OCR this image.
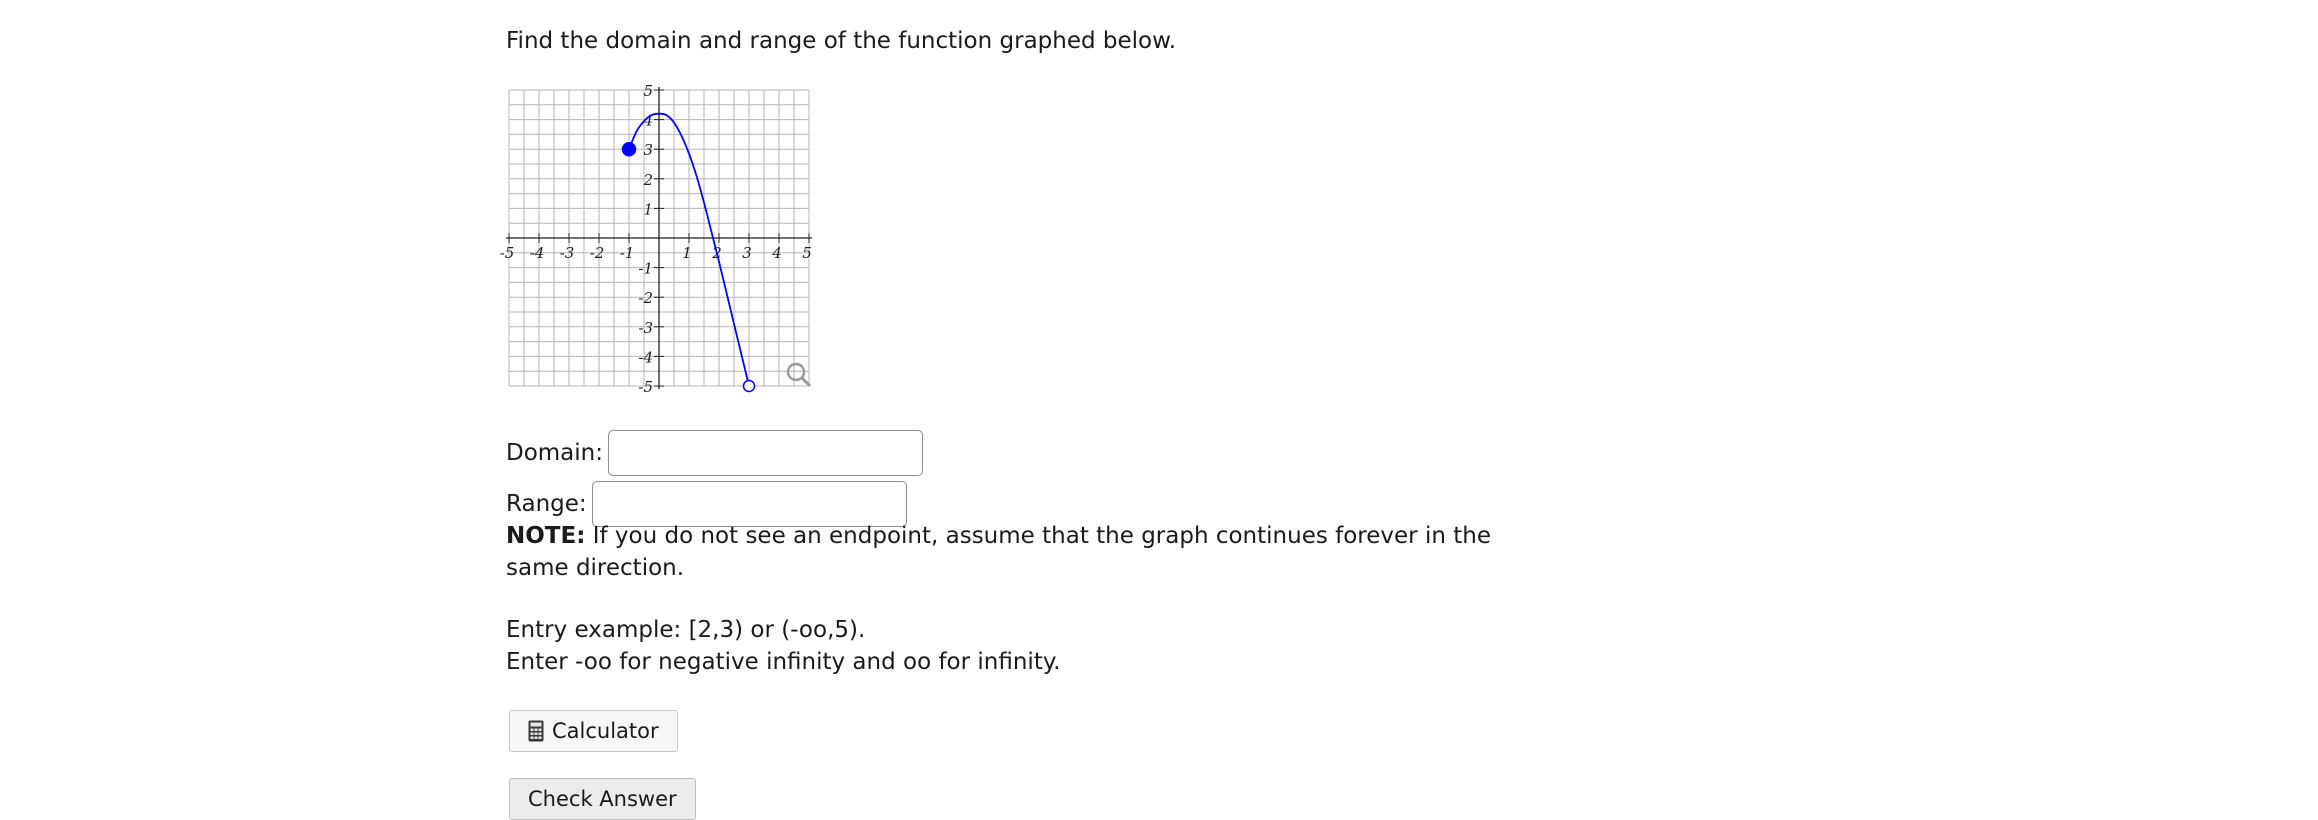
Find the domain and range of the function graphed below.
-5 -4 -3 -2 -1	1 2 3 4 5
5
4
3
2
1
-1
-2
-3
-4
-5
Domain:
Range:
NOTE: If you do not see an endpoint, assume that the graph continues forever in the same direction.
Entry example: [2,3) or (-oo,5).
Enter -oo for negative infinity and oo for infinity.
Calculator
Check Answer
